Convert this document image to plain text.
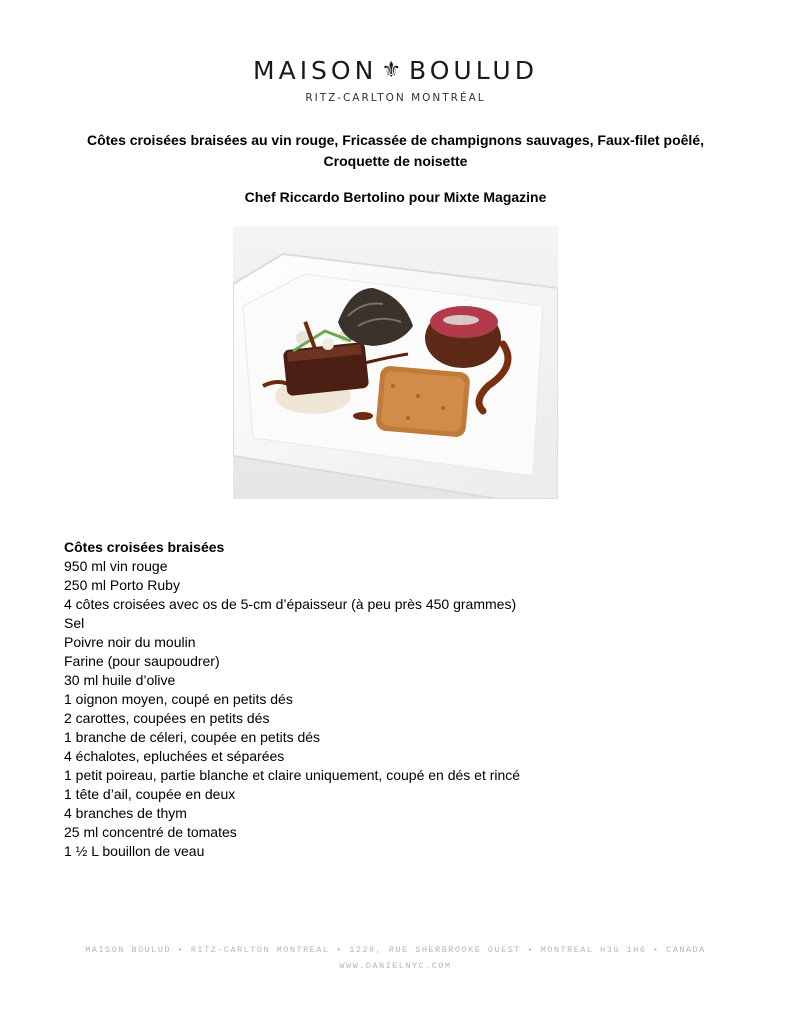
MAISON ⚜ BOULUD
RITZ-CARLTON MONTRÉAL
Côtes croisées braisées au vin rouge, Fricassée de champignons sauvages, Faux-filet poêlé,
Croquette de noisette
Chef Riccardo Bertolino pour Mixte Magazine
Côtes croisées braisées
950 ml vin rouge
250 ml Porto Ruby
4 côtes croisées avec os de 5-cm d’épaisseur (à peu près 450 grammes)
Sel
Poivre noir du moulin
Farine (pour saupoudrer)
30 ml huile d’olive
1 oignon moyen, coupé en petits dés
2 carottes, coupées en petits dés
1 branche de céleri, coupée en petits dés
4 échalotes, epluchées et séparées
1 petit poireau, partie blanche et claire uniquement, coupé en dés et rincé
1 tête d’ail, coupée en deux
4 branches de thym
25 ml concentré de tomates
1 ½ L bouillon de veau
MAISON BOULUD • RITZ-CARLTON MONTREAL • 1228, RUE SHERBROOKE OUEST • MONTREAL H3G 1H6 • CANADA
WWW.DANIELNYC.COM
